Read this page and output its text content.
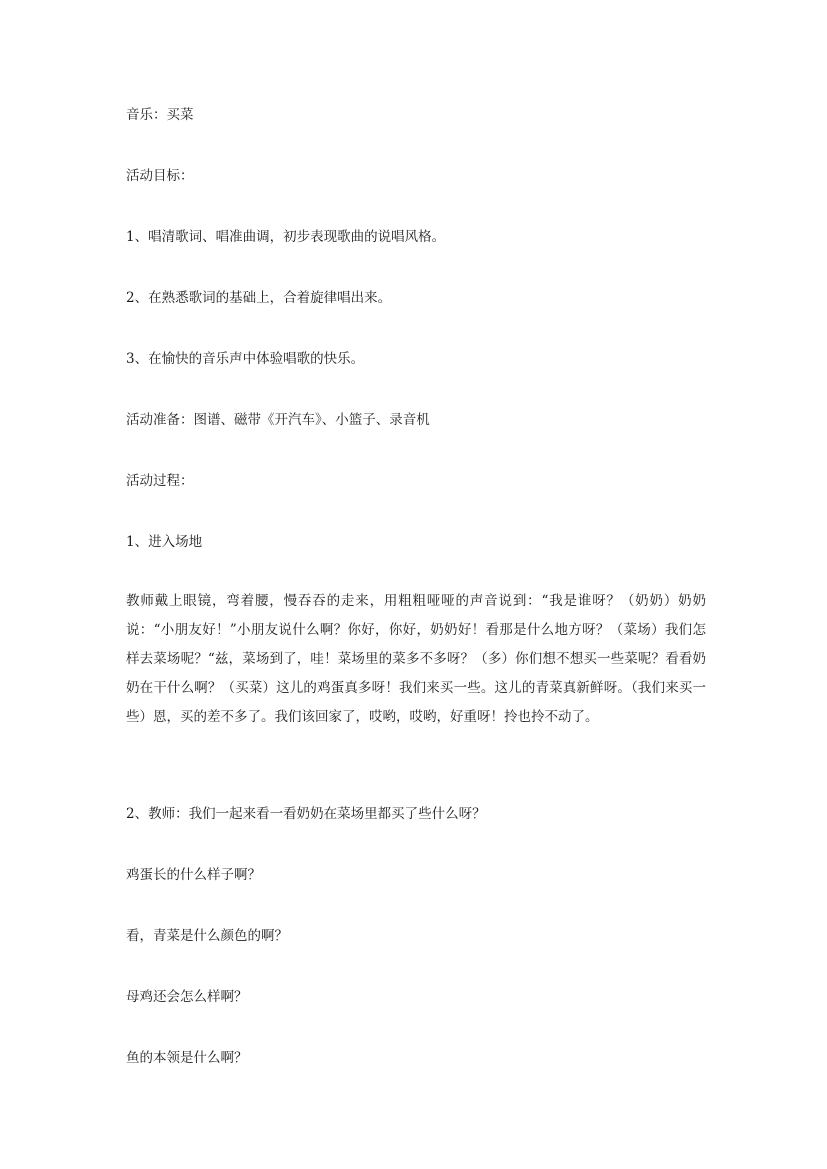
音乐：买菜

活动目标：

1、唱清歌词、唱准曲调，初步表现歌曲的说唱风格。

2、在熟悉歌词的基础上，合着旋律唱出来。

3、在愉快的音乐声中体验唱歌的快乐。

活动准备：图谱、磁带《开汽车》、小篮子、录音机

活动过程：

1、进入场地

教师戴上眼镜，弯着腰，慢吞吞的走来，用粗粗哑哑的声音说到：“我是谁呀？（奶奶）奶奶说：“小朋友好！”小朋友说什么啊？你好，你好，奶奶好！看那是什么地方呀？（菜场）我们怎样去菜场呢？“兹，菜场到了，哇！菜场里的菜多不多呀？（多）你们想不想买一些菜呢？看看奶奶在干什么啊？（买菜）这儿的鸡蛋真多呀！我们来买一些。这儿的青菜真新鲜呀。（我们来买一些）恩，买的差不多了。我们该回家了，哎哟，哎哟，好重呀！拎也拎不动了。

2、教师：我们一起来看一看奶奶在菜场里都买了些什么呀？

鸡蛋长的什么样子啊？

看，青菜是什么颜色的啊？

母鸡还会怎么样啊？

鱼的本领是什么啊？
